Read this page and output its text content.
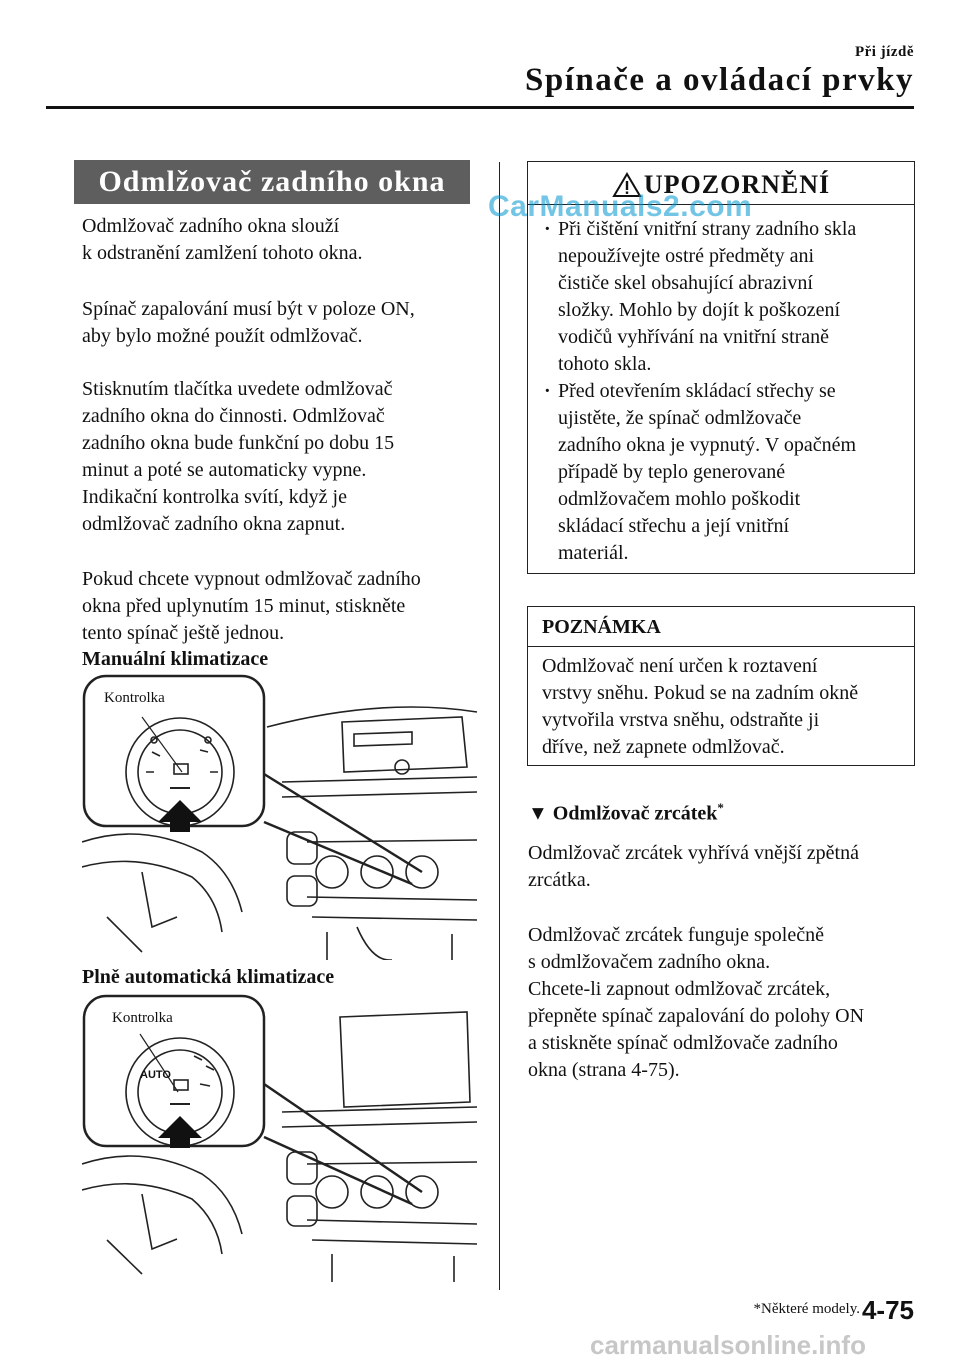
Při jízdě
Spínače a ovládací prvky
Odmlžovač zadního okna
Odmlžovač zadního okna slouží
k odstranění zamlžení tohoto okna.
Spínač zapalování musí být v poloze ON,
aby bylo možné použít odmlžovač.
Stisknutím tlačítka uvedete odmlžovač
zadního okna do činnosti. Odmlžovač
zadního okna bude funkční po dobu 15
minut a poté se automaticky vypne.
Indikační kontrolka svítí, když je
odmlžovač zadního okna zapnut.
Pokud chcete vypnout odmlžovač zadního
okna před uplynutím 15 minut, stiskněte
tento spínač ještě jednou.
Manuální klimatizace
Kontrolka
Plně automatická klimatizace
AUTO
Kontrolka
UPOZORNĚNÍ
· Při čištění vnitřní strany zadního skla
nepoužívejte ostré předměty ani
čističe skel obsahující abrazivní
složky. Mohlo by dojít k poškození
vodičů vyhřívání na vnitřní straně
tohoto skla.
· Před otevřením skládací střechy se
ujistěte, že spínač odmlžovače
zadního okna je vypnutý. V opačném
případě by teplo generované
odmlžovačem mohlo poškodit
skládací střechu a její vnitřní
materiál.
POZNÁMKA
Odmlžovač není určen k roztavení
vrstvy sněhu. Pokud se na zadním okně
vytvořila vrstva sněhu, odstraňte ji
dříve, než zapnete odmlžovač.
▼ Odmlžovač zrcátek*
Odmlžovač zrcátek vyhřívá vnější zpětná
zrcátka.
Odmlžovač zrcátek funguje společně
s odmlžovačem zadního okna.
Chcete-li zapnout odmlžovač zrcátek,
přepněte spínač zapalování do polohy ON
a stiskněte spínač odmlžovače zadního
okna (strana 4-75).
*Některé modely. 4-75
CarManuals2.com
carmanualsonline.info
